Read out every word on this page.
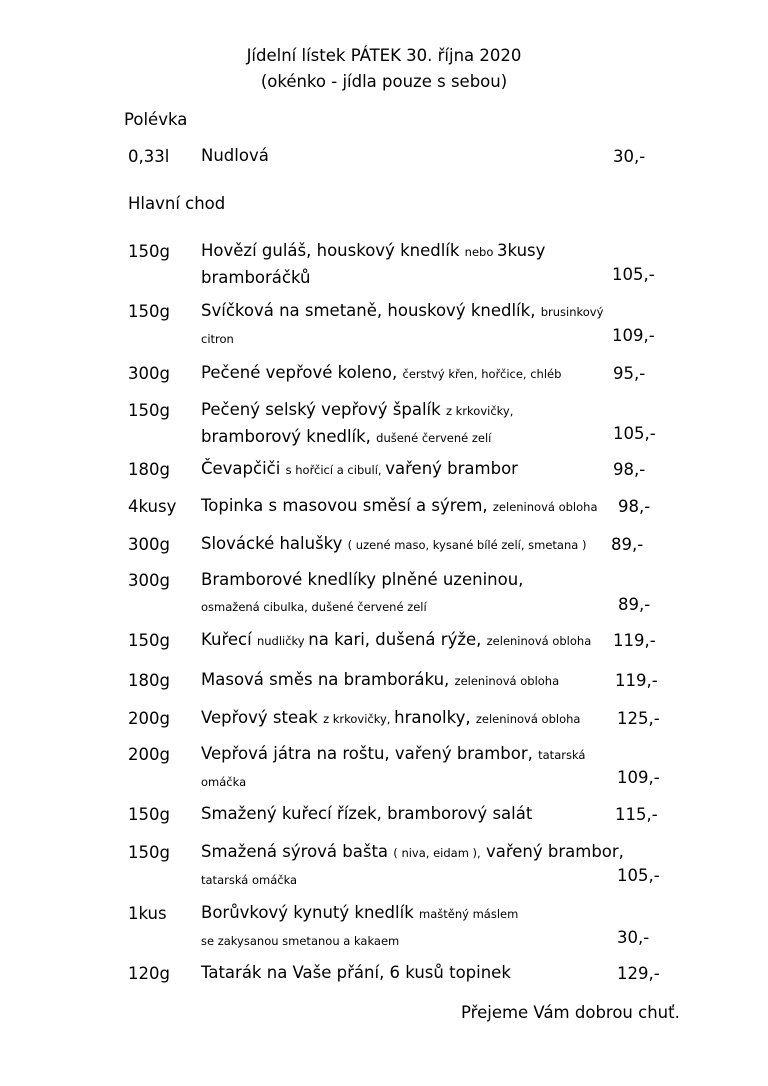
Jídelní lístek PÁTEK 30. října 2020
(okénko - jídla pouze s sebou)
Polévka
0,33l Nudlová	30,-
Hlavní chod
150g Hovězí guláš, houskový knedlík nebo 3kusy
bramboráčků	105,-
150g Svíčková na smetaně, houskový knedlík, brusinkový
citron	109,-
300g Pečené vepřové koleno, čerstvý křen, hořčice, chléb	95,-
150g Pečený selský vepřový špalík z krkovičky,
bramborový knedlík, dušené červené zelí	105,-
180g Čevapčiči s hořčicí a cibulí, vařený brambor	98,-
4kusy Topinka s masovou směsí a sýrem, zeleninová obloha 98,-
300g Slovácké halušky ( uzené maso, kysané bílé zelí, smetana ) 89,-
300g Bramborové knedlíky plněné uzeninou,
osmažená cibulka, dušené červené zelí	89,-
150g Kuřecí nudličky na kari, dušená rýže, zeleninová obloha 119,-
180g Masová směs na bramboráku, zeleninová obloha	119,-
200g Vepřový steak z krkovičky, hranolky, zeleninová obloha 125,-
200g Vepřová játra na roštu, vařený brambor, tatarská
omáčka	109,-
150g Smažený kuřecí řízek, bramborový salát	115,-
150g Smažená sýrová bašta ( niva, eidam ), vařený brambor,
tatarská omáčka	105,-
1kus Borůvkový kynutý knedlík maštěný máslem
se zakysanou smetanou a kakaem	30,-
120g Tatarák na Vaše přání, 6 kusů topinek	129,-
Přejeme Vám dobrou chuť.
